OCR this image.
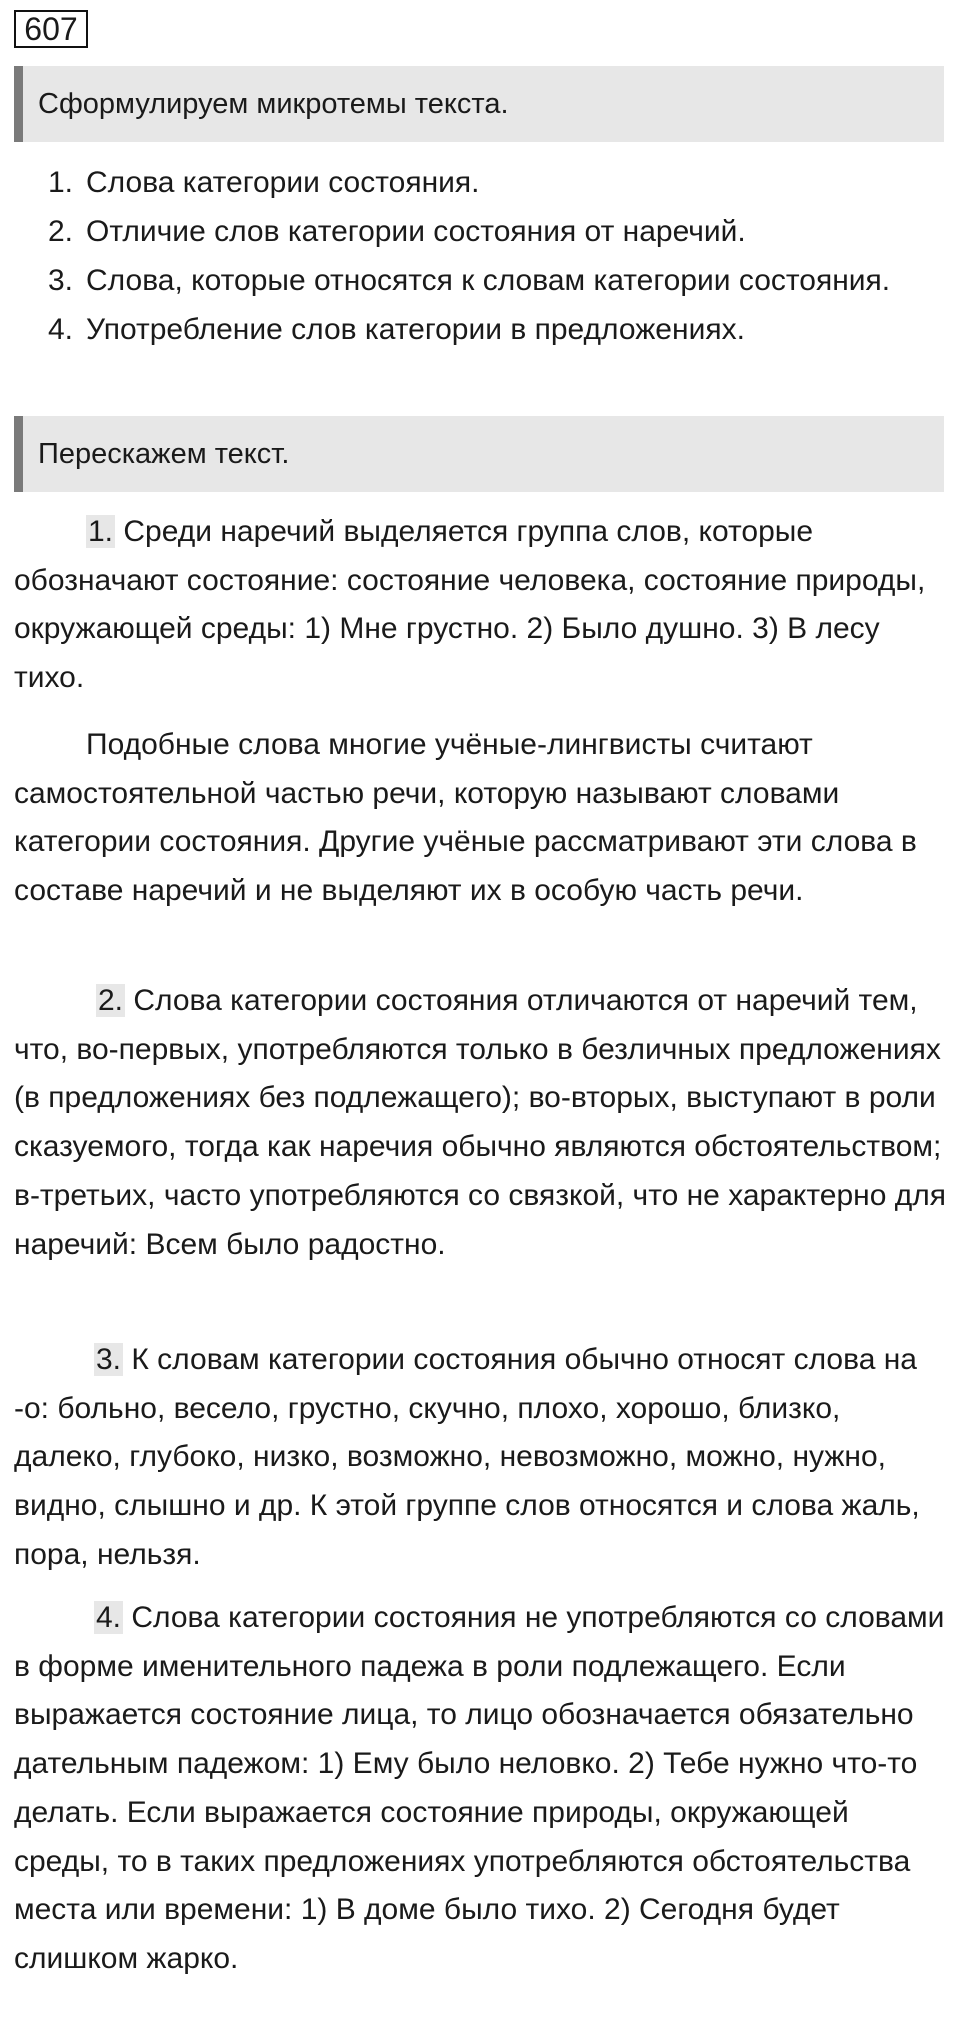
607
Сформулируем микротемы текста.
1. Слова категории состояния.
2. Отличие слов категории состояния от наречий.
3. Слова, которые относятся к словам категории состояния.
4. Употребление слов категории в предложениях.
Перескажем текст.

1. Среди наречий выделяется группа слов, которые обозначают состояние: состояние человека, состояние природы, окружающей среды: 1) Мне грустно. 2) Было душно. 3) В лесу тихо.

Подобные слова многие учёные-лингвисты считают самостоятельной частью речи, которую называют словами категории состояния. Другие учёные рассматривают эти слова в составе наречий и не выделяют их в особую часть речи.

2. Слова категории состояния отличаются от наречий тем, что, во-первых, употребляются только в безличных предложениях (в предложениях без подлежащего); во-вторых, выступают в роли сказуемого, тогда как наречия обычно являются обстоятельством; в-третьих, часто употребляются со связкой, что не характерно для наречий: Всем было радостно.

3. К словам категории состояния обычно относят слова на -о: больно, весело, грустно, скучно, плохо, хорошо, близко, далеко, глубоко, низко, возможно, невозможно, можно, нужно, видно, слышно и др. К этой группе слов относятся и слова жаль, пора, нельзя.

4. Слова категории состояния не употребляются со словами в форме именительного падежа в роли подлежащего. Если выражается состояние лица, то лицо обозначается обязательно дательным падежом: 1) Ему было неловко. 2) Тебе нужно что-то делать. Если выражается состояние природы, окружающей среды, то в таких предложениях употребляются обстоятельства места или времени: 1) В доме было тихо. 2) Сегодня будет слишком жарко.
